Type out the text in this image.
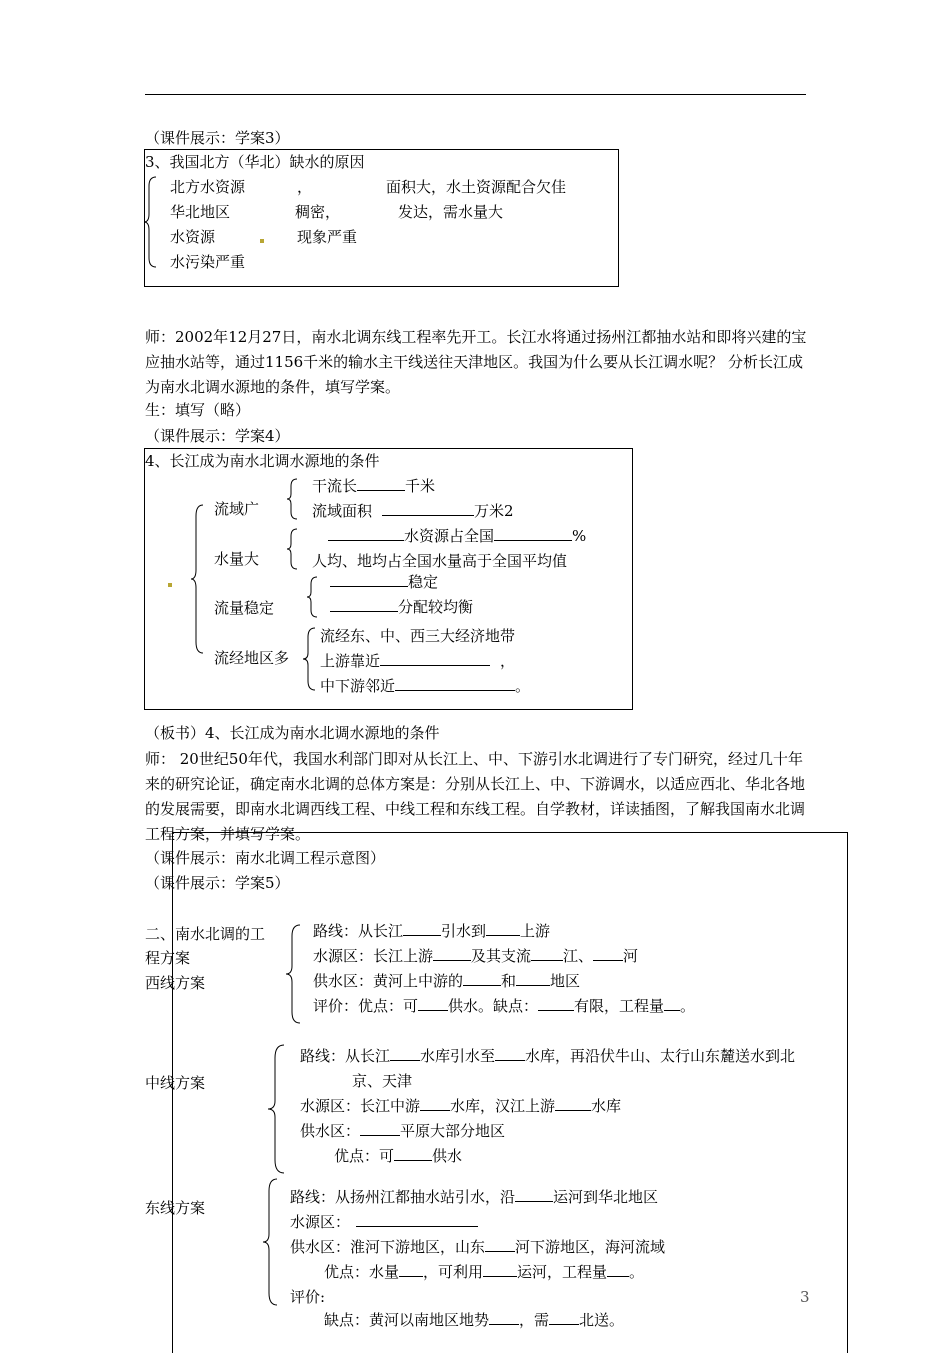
（课件展示：学案3）
3、我国北方（华北）缺水的原因
北方水资源	，	面积大，水土资源配合欠佳
华北地区	稠密，	发达，需水量大
水资源	现象严重
水污染严重
师：2002年12月27日，南水北调东线工程率先开工。长江水将通过扬州江都抽水站和即将兴建的宝应抽水站等，通过1156千米的输水主干线送往天津地区。我国为什么要从长江调水呢？ 分析长江成为南水北调水源地的条件，填写学案。
生：填写（略）
（课件展示：学案4）
4、长江成为南水北调水源地的条件
流域广
干流长	千米
流域面积	万米2
水量大
水资源占全国	%
人均、地均占全国水量高于全国平均值
流量稳定
稳定
分配较均衡
流经地区多
流经东、中、西三大经济地带
上游靠近	，
中下游邻近	。
（板书）4、长江成为南水北调水源地的条件
师： 20世纪50年代，我国水利部门即对从长江上、中、下游引水北调进行了专门研究，经过几十年来的研究论证，确定南水北调的总体方案是：分别从长江上、中、下游调水，以适应西北、华北各地的发展需要，即南水北调西线工程、中线工程和东线工程。自学教材，详读插图，了解我国南水北调工程方案，并填写学案。
（课件展示：南水北调工程示意图）
（课件展示：学案5）
二、南水北调的工
程方案
西线方案
路线：从长江	引水到 上游
水源区：长江上游	及其支流 江、 河
供水区：黄河上中游的	和 地区
评价：优点：可 供水。缺点： 有限，工程量 。
中线方案
路线：从长江 水库引水至 水库，再沿伏牛山、太行山东麓送水到北
京、天津
水源区：长江中游 水库，汉江上游 水库
供水区：	平原大部分地区
优点：可	供水
东线方案
路线：从扬州江都抽水站引水，沿	运河到华北地区
水源区：
供水区：淮河下游地区，山东 河下游地区，海河流域
优点：水量 ，可利用 运河，工程量 。
评价:
缺点：黄河以南地区地势 ，需 北送。
3
